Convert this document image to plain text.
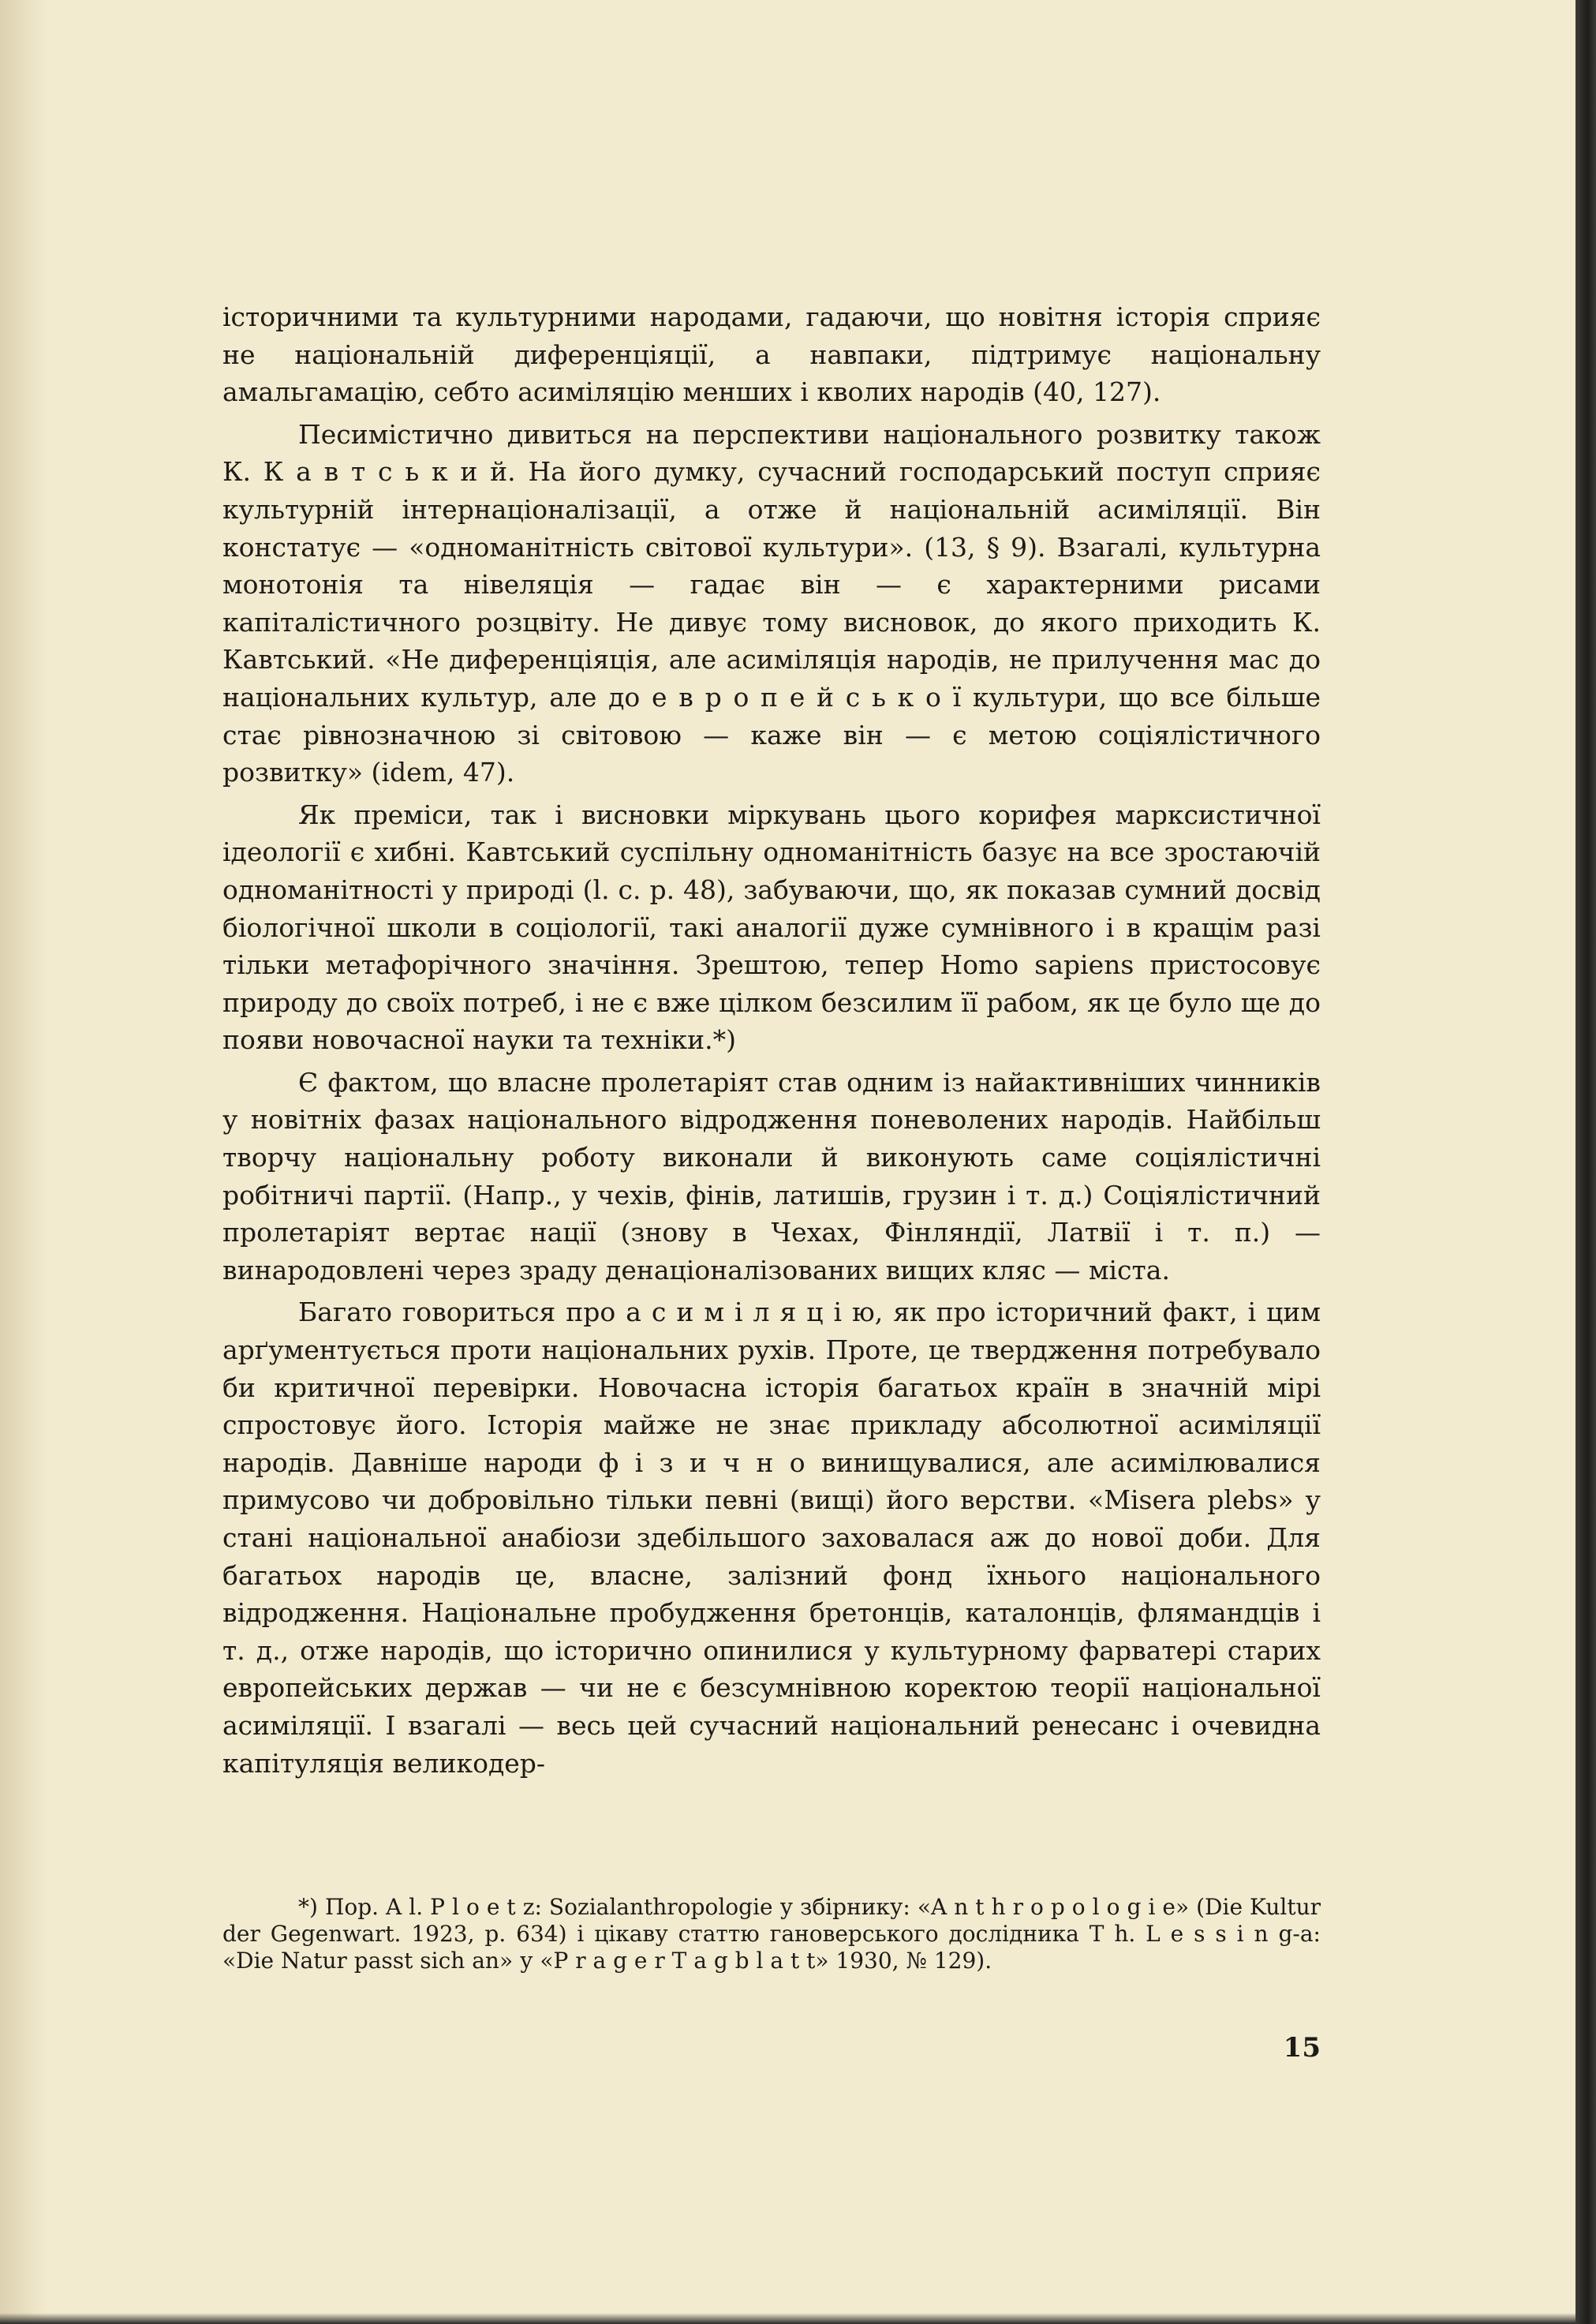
історичними та культурними народами, гадаючи, що новітня історія сприяє не національній диференціяції, а навпаки, підтримує національну амальгамацію, себто асиміляцію менших і кволих народів (40, 127).

Песимістично дивиться на перспективи національного розвитку також К. К а в т с ь к и й. На його думку, сучасний господарський поступ сприяє культурній інтернаціоналізації, а отже й національній асиміляції. Він констатує — «одноманітність світової культури». (13, § 9). Взагалі, культурна монотонія та нівеляція — гадає він — є характерними рисами капіталістичного розцвіту. Не дивує тому висновок, до якого приходить К. Кавтський. «Не диференціяція, але асиміляція народів, не прилучення мас до національних культур, але до е в р о п е й с ь к о ї культури, що все більше стає рівнозначною зі світовою — каже він — є метою соціялістичного розвитку» (idem, 47).

Як преміси, так і висновки міркувань цього корифея марксистичної ідеології є хибні. Кавтський суспільну одноманітність базує на все зростаючій одноманітності у природі (l. c. p. 48), забуваючи, що, як показав сумний досвід біологічної школи в соціології, такі аналогії дуже сумнівного і в кращім разі тільки метафорічного значіння. Зрештою, тепер Homo sapiens пристосовує природу до своїх потреб, і не є вже цілком безсилим її рабом, як це було ще до появи новочасної науки та техніки.*)

Є фактом, що власне пролетаріят став одним із найактивніших чинників у новітніх фазах національного відродження поневолених народів. Найбільш творчу національну роботу виконали й виконують саме соціялістичні робітничі партії. (Напр., у чехів, фінів, латишів, грузин і т. д.) Соціялістичний пролетаріят вертає нації (знову в Чехах, Фінляндії, Латвії і т. п.) — винародовлені через зраду денаціоналізованих вищих кляс — міста.

Багато говориться про а с и м і л я ц і ю, як про історичний факт, і цим арґументується проти національних рухів. Проте, це твердження потребувало би критичної перевірки. Новочасна історія багатьох країн в значній мірі спростовує його. Історія майже не знає прикладу абсолютної асиміляції народів. Давніше народи ф і з и ч н о винищувалися, але асимілювалися примусово чи добровільно тільки певні (вищі) його верстви. «Misera plebs» у стані національної анабіози здебільшого заховалася аж до нової доби. Для багатьох народів це, власне, залізний фонд їхнього національного відродження. Національне пробудження бретонців, каталонців, флямандців і т. д., отже народів, що історично опинилися у культурному фарватері старих европейських держав — чи не є безсумнівною коректою теорії національної асиміляції. І взагалі — весь цей сучасний національний ренесанс і очевидна капітуляція великодер-

*) Пор. A l. P l o e t z: Sozialanthropologie у збірнику: «A n t h r o p o l o g i e» (Die Kultur der Gegenwart. 1923, p. 634) і цікаву статтю гановерського дослідника T h. L e s s i n g-a: «Die Natur passt sich an» у «P r a g e r T a g b l a t t» 1930, № 129).

15
